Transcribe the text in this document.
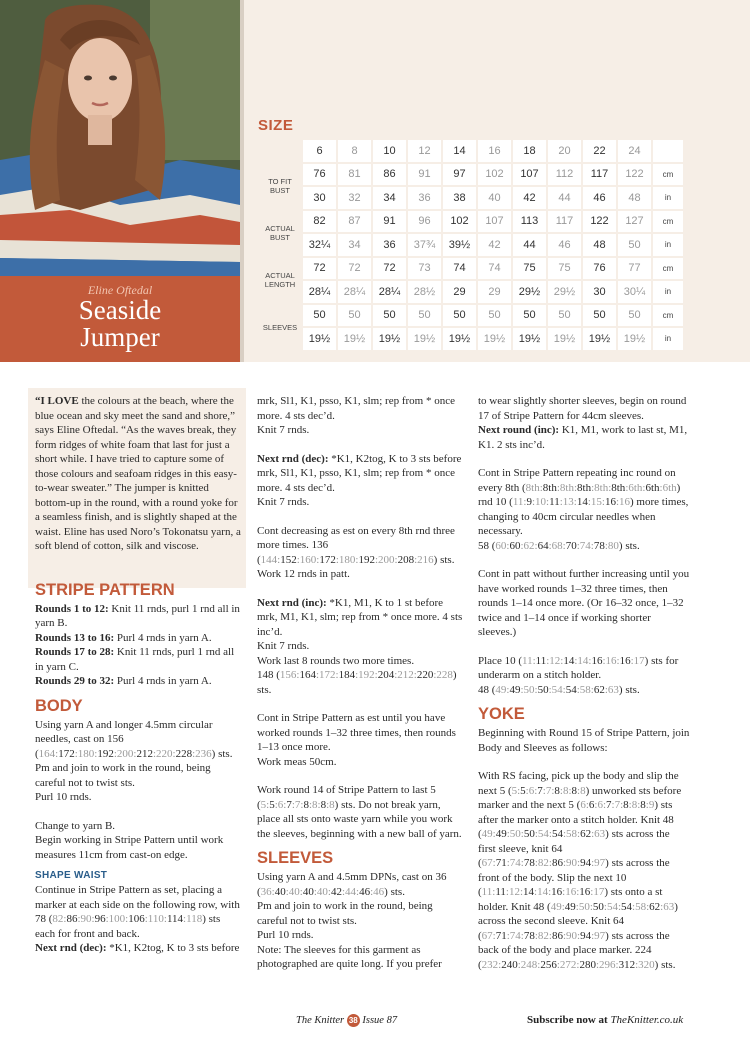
Eline Oftedal
Seaside
Jumper
SIZE
	6	8	10	12	14	16	18	20	22	24	

TO FIT
BUST	76	81	86	91	97	102	107	112	117	122	cm
	30	32	34	36	38	40	42	44	46	48	in

ACTUAL
BUST	82	87	91	96	102	107	113	117	122	127	cm
	32¼	34	36	37¾	39½	42	44	46	48	50	in

ACTUAL
LENGTH	72	72	72	73	74	74	75	75	76	77	cm
	28¼	28¼	28¼	28½	29	29	29½	29½	30	30¼	in

SLEEVES	50	50	50	50	50	50	50	50	50	50	cm
	19½	19½	19½	19½	19½	19½	19½	19½	19½	19½	in

“I LOVE the colours at the beach, where the blue ocean and sky meet the sand and shore,” says Eline Oftedal. “As the waves break, they form ridges of white foam that last for just a short while. I have tried to capture some of those colours and seafoam ridges in this easy-to-wear sweater.” The jumper is knitted bottom-up in the round, with a round yoke for a seamless finish, and is slightly shaped at the waist. Eline has used Noro’s Tokonatsu yarn, a soft blend of cotton, silk and viscose.

STRIPE PATTERN

Rounds 1 to 12: Knit 11 rnds, purl 1 rnd all in yarn B.

Rounds 13 to 16: Purl 4 rnds in yarn A.

Rounds 17 to 28: Knit 11 rnds, purl 1 rnd all in yarn C.

Rounds 29 to 32: Purl 4 rnds in yarn A.

BODY

Using yarn A and longer 4.5mm circular needles, cast on 156 (164:172:180:192:200:212:220:228:236) sts.

Pm and join to work in the round, being careful not to twist sts.

Purl 10 rnds.

Change to yarn B.

Begin working in Stripe Pattern until work measures 11cm from cast-on edge.

SHAPE WAIST

Continue in Stripe Pattern as set, placing a marker at each side on the following row, with 78 (82:86:90:96:100:106:110:114:118) sts each for front and back.

Next rnd (dec): *K1, K2tog, K to 3 sts before

mrk, Sl1, K1, psso, K1, slm; rep from * once more. 4 sts dec’d.

Knit 7 rnds.

Next rnd (dec): *K1, K2tog, K to 3 sts before mrk, Sl1, K1, psso, K1, slm; rep from * once more. 4 sts dec’d.

Knit 7 rnds.

Cont decreasing as est on every 8th rnd three more times. 136 (144:152:160:172:180:192:200:208:216) sts.

Work 12 rnds in patt.

Next rnd (inc): *K1, M1, K to 1 st before mrk, M1, K1, slm; rep from * once more. 4 sts inc’d.

Knit 7 rnds.

Work last 8 rounds two more times.

148 (156:164:172:184:192:204:212:220:228) sts.

Cont in Stripe Pattern as est until you have worked rounds 1–32 three times, then rounds 1–13 once more.

Work meas 50cm.

Work round 14 of Stripe Pattern to last 5 (5:5:6:7:7:8:8:8:8) sts. Do not break yarn, place all sts onto waste yarn while you work the sleeves, beginning with a new ball of yarn.

SLEEVES

Using yarn A and 4.5mm DPNs, cast on 36 (36:40:40:40:40:42:44:46:46) sts.

Pm and join to work in the round, being careful not to twist sts.

Purl 10 rnds.

Note: The sleeves for this garment as photographed are quite long. If you prefer

to wear slightly shorter sleeves, begin on round 17 of Stripe Pattern for 44cm sleeves.

Next round (inc): K1, M1, work to last st, M1, K1. 2 sts inc’d.

Cont in Stripe Pattern repeating inc round on every 8th (8th:8th:8th:8th:8th:8th:6th:6th:6th) rnd 10 (11:9:10:11:13:14:15:16:16) more times, changing to 40cm circular needles when necessary.

58 (60:60:62:64:68:70:74:78:80) sts.

Cont in patt without further increasing until you have worked rounds 1–32 three times, then rounds 1–14 once more. (Or 16–32 once, 1–32 twice and 1–14 once if working shorter sleeves.)

Place 10 (11:11:12:14:14:16:16:16:17) sts for underarm on a stitch holder.

48 (49:49:50:50:54:54:58:62:63) sts.

YOKE

Beginning with Round 15 of Stripe Pattern, join Body and Sleeves as follows:

With RS facing, pick up the body and slip the next 5 (5:5:6:7:7:8:8:8:8) unworked sts before marker and the next 5 (6:6:6:7:7:8:8:8:9) sts after the marker onto a stitch holder. Knit 48 (49:49:50:50:54:54:58:62:63) sts across the first sleeve, knit 64 (67:71:74:78:82:86:90:94:97) sts across the front of the body. Slip the next 10 (11:11:12:14:14:16:16:16:17) sts onto a st holder. Knit 48 (49:49:50:50:54:54:58:62:63) across the second sleeve. Knit 64 (67:71:74:78:82:86:90:94:97) sts across the back of the body and place marker. 224 (232:240:248:256:272:280:296:312:320) sts.

The Knitter 38 Issue 87	Subscribe now at TheKnitter.co.uk
